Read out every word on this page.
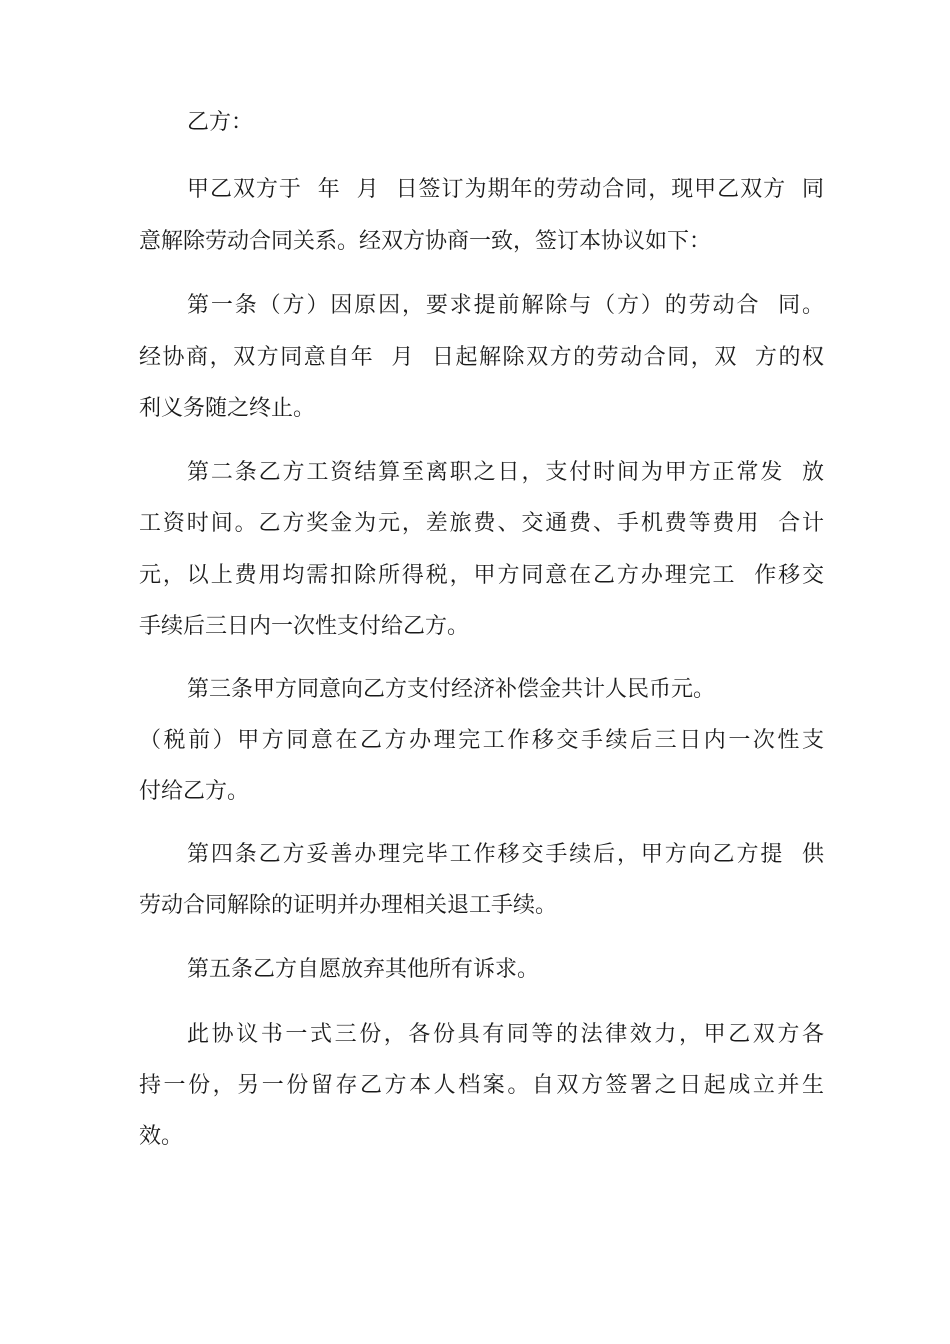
乙方：
甲乙双方于  年  月  日签订为期年的劳动合同，现甲乙双方  同
意解除劳动合同关系。经双方协商一致，签订本协议如下：
第一条（方）因原因，要求提前解除与（方）的劳动合  同。
经协商，双方同意自年  月  日起解除双方的劳动合同，双  方的权
利义务随之终止。
第二条乙方工资结算至离职之日，支付时间为甲方正常发  放
工资时间。乙方奖金为元，差旅费、交通费、手机费等费用  合计
元，以上费用均需扣除所得税，甲方同意在乙方办理完工  作移交
手续后三日内一次性支付给乙方。
第三条甲方同意向乙方支付经济补偿金共计人民币元。
（税前）甲方同意在乙方办理完工作移交手续后三日内一次性支
付给乙方。
第四条乙方妥善办理完毕工作移交手续后，甲方向乙方提  供
劳动合同解除的证明并办理相关退工手续。
第五条乙方自愿放弃其他所有诉求。
此协议书一式三份，各份具有同等的法律效力，甲乙双方各
持一份，另一份留存乙方本人档案。自双方签署之日起成立并生
效。
